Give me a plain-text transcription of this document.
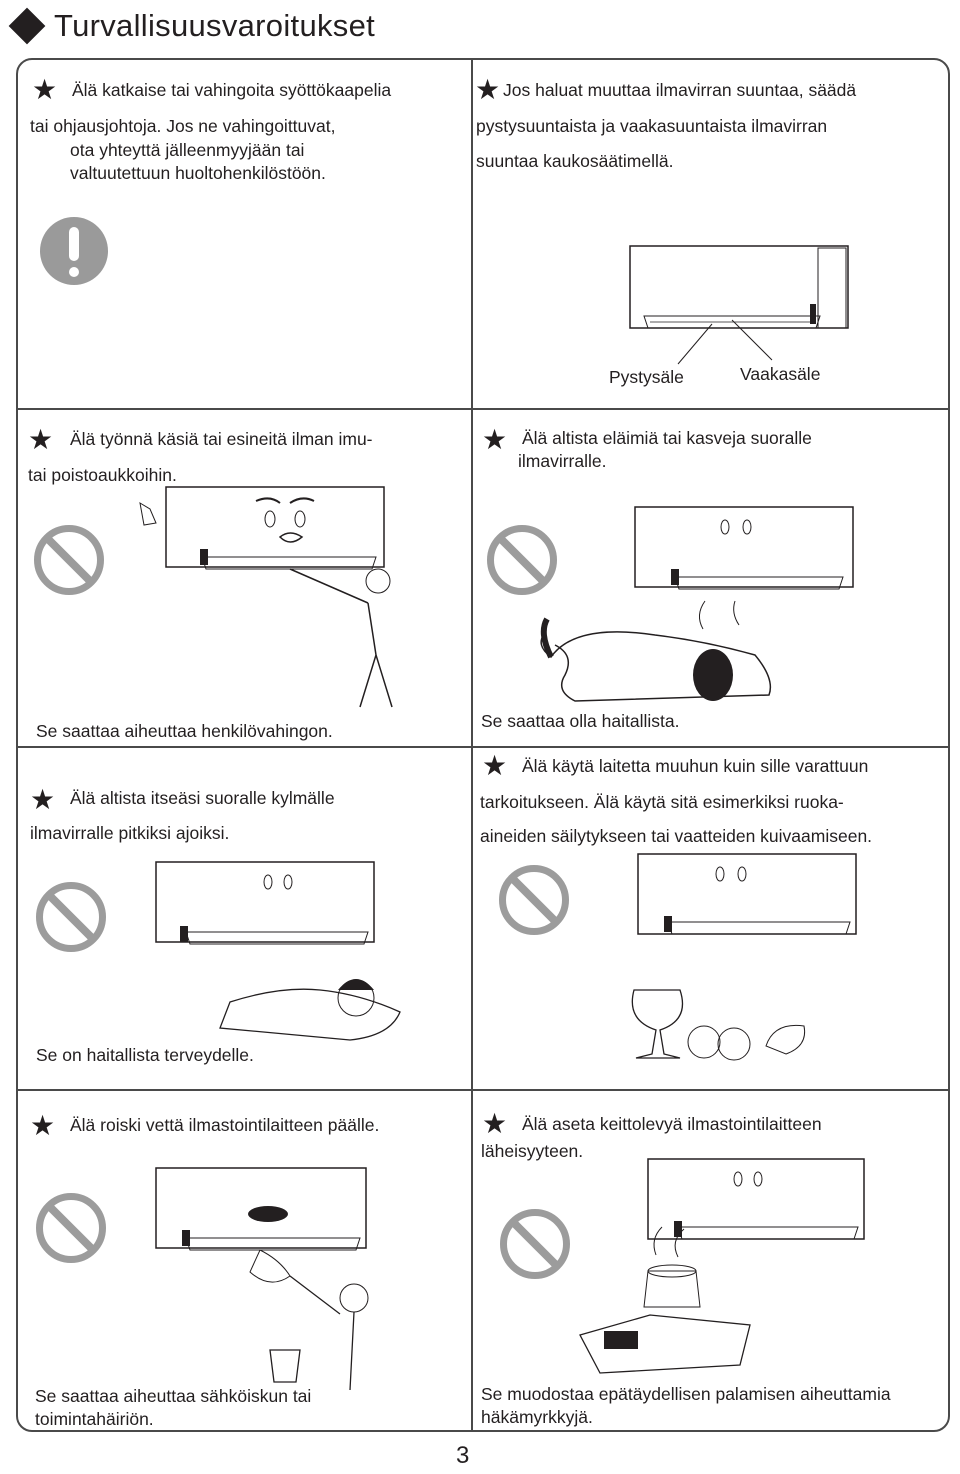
Turvallisuusvaroitukset
★ Älä katkaise tai vahingoita syöttökaapelia
tai ohjausjohtoja. Jos ne vahingoittuvat,
ota yhteyttä jälleenmyyjään tai
valtuutettuun huoltohenkilöstöön.
★ Jos haluat muuttaa ilmavirran suuntaa, säädä
pystysuuntaista ja vaakasuuntaista ilmavirran
suuntaa kaukosäätimellä.
Pystysäle	Vaakasäle
★ Älä työnnä käsiä tai esineitä ilman imu-
tai poistoaukkoihin.
Se saattaa aiheuttaa henkilövahingon.
★ Älä altista eläimiä tai kasveja suoralle
ilmavirralle.
Se saattaa olla haitallista.
★ Älä altista itseäsi suoralle kylmälle
ilmavirralle pitkiksi ajoiksi.
Se on haitallista terveydelle.
★ Älä käytä laitetta muuhun kuin sille varattuun
tarkoitukseen. Älä käytä sitä esimerkiksi ruoka-
aineiden säilytykseen tai vaatteiden kuivaamiseen.
★ Älä roiski vettä ilmastointilaitteen päälle.
Se saattaa aiheuttaa sähköiskun tai
toimintahäiriön.
★ Älä aseta keittolevyä ilmastointilaitteen
läheisyyteen.
Se muodostaa epätäydellisen palamisen aiheuttamia
häkämyrkkyjä.
3
